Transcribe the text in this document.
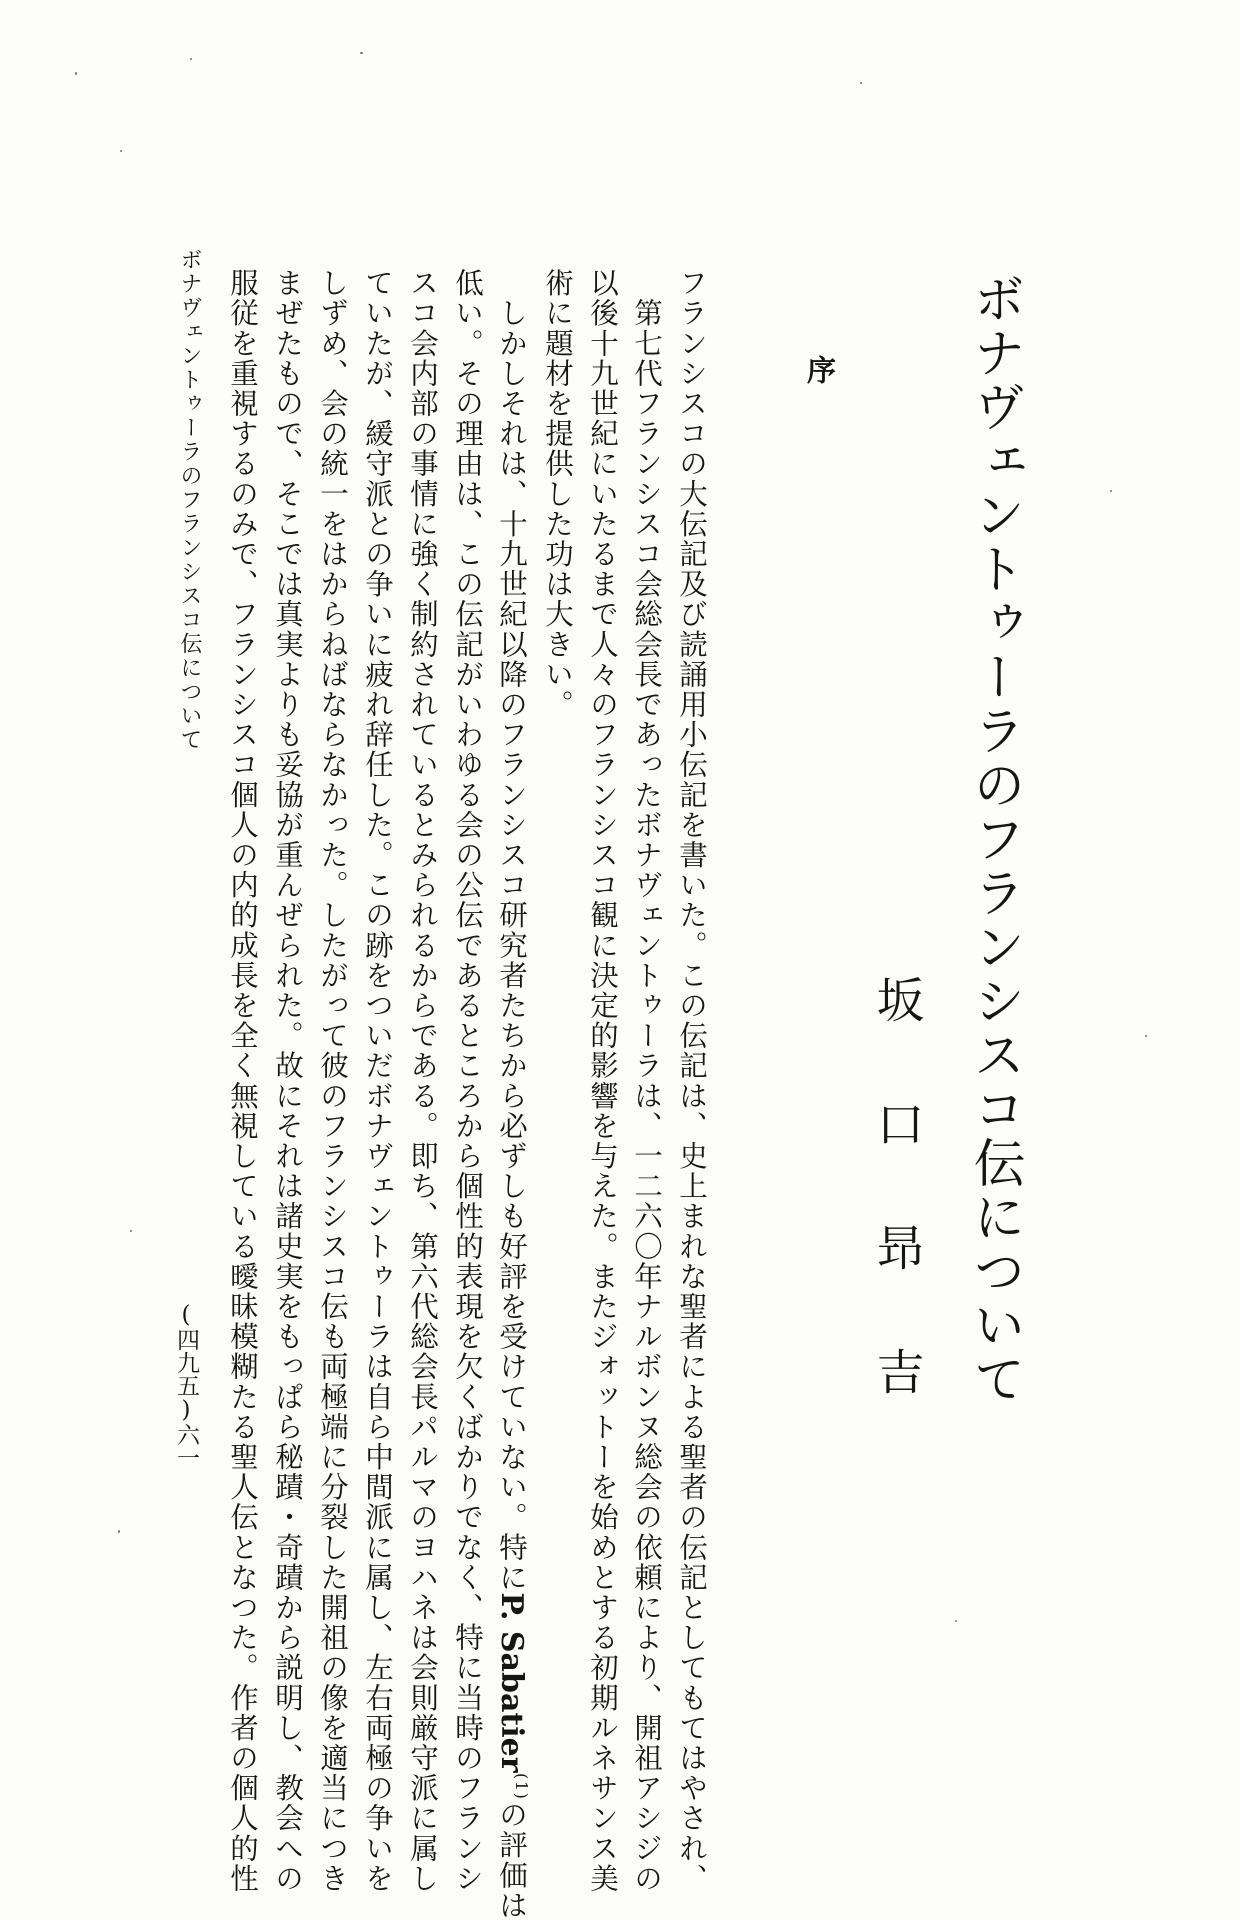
ボナヴェントゥーラのフランシスコ伝について
坂
口
昻
吉
序
　第七代フランシスコ会総会長であったボナヴェントゥーラは、一二六〇年ナルボンヌ総会の依頼により、開祖アシジの フランシスコの大伝記及び読誦用小伝記を書いた。この伝記は、史上まれな聖者による聖者の伝記としてもてはやされ、
以後十九世紀にいたるまで人々のフランシスコ観に決定的影響を与えた。またジォットーを始めとする初期ルネサンス美
術に題材を提供した功は大きい。
　しかしそれは、十九世紀以降のフランシスコ研究者たちから必ずしも好評を受けていない。特にP. Sabatier(1)の評価は
低い。その理由は、この伝記がいわゆる会の公伝であるところから個性的表現を欠くばかりでなく、特に当時のフランシ
スコ会内部の事情に強く制約されているとみられるからである。即ち、第六代総会長パルマのヨハネは会則厳守派に属し
ていたが、緩守派との争いに疲れ辞任した。この跡をついだボナヴェントゥーラは自ら中間派に属し、左右両極の争いを
しずめ、会の統一をはからねばならなかった。したがって彼のフランシスコ伝も両極端に分裂した開祖の像を適当につき
まぜたもので、そこでは真実よりも妥協が重んぜられた。故にそれは諸史実をもっぱら秘蹟・奇蹟から説明し、教会への
服従を重視するのみで、フランシスコ個人の内的成長を全く無視している曖昧模糊たる聖人伝となつた。作者の個人的性
ボナヴェントゥーラのフランシスコ伝について
(四九五)
六一
